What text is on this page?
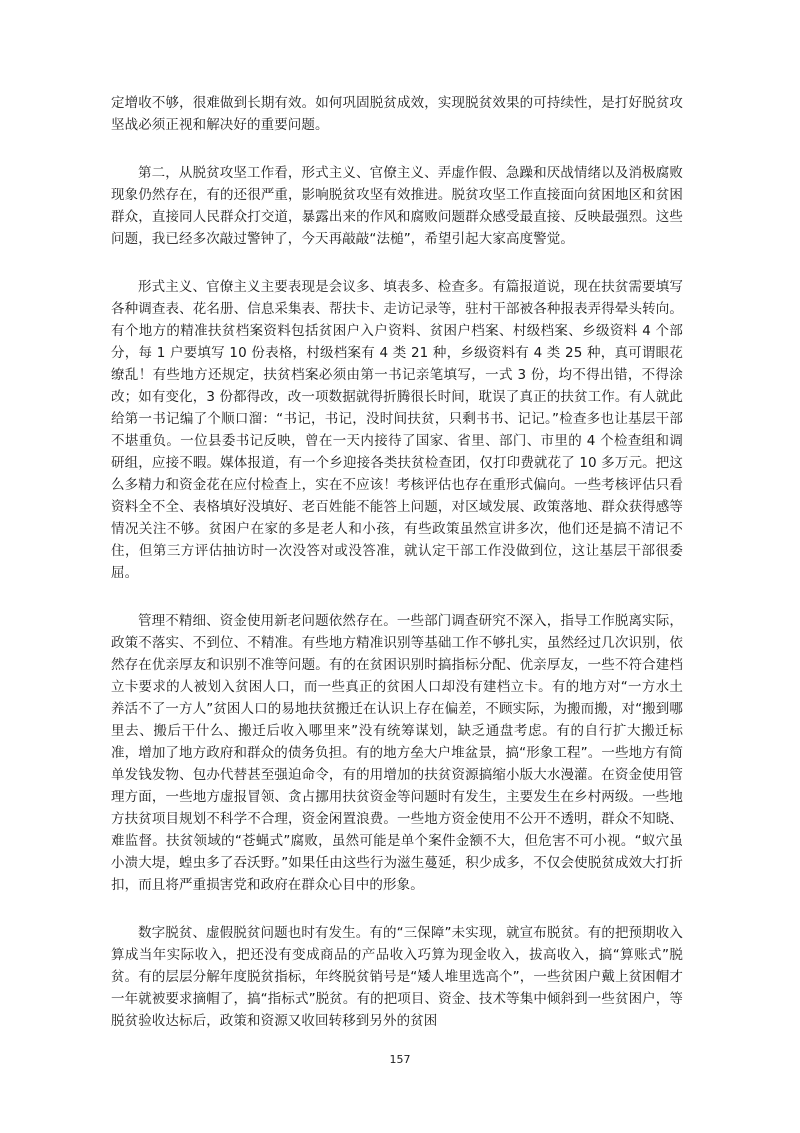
定增收不够，很难做到长期有效。如何巩固脱贫成效，实现脱贫效果的可持续性，是打好脱贫攻坚战必须正视和解决好的重要问题。

第二，从脱贫攻坚工作看，形式主义、官僚主义、弄虚作假、急躁和厌战情绪以及消极腐败现象仍然存在，有的还很严重，影响脱贫攻坚有效推进。脱贫攻坚工作直接面向贫困地区和贫困群众，直接同人民群众打交道，暴露出来的作风和腐败问题群众感受最直接、反映最强烈。这些问题，我已经多次敲过警钟了，今天再敲敲“法槌”，希望引起大家高度警觉。

形式主义、官僚主义主要表现是会议多、填表多、检查多。有篇报道说，现在扶贫需要填写各种调查表、花名册、信息采集表、帮扶卡、走访记录等，驻村干部被各种报表弄得晕头转向。有个地方的精准扶贫档案资料包括贫困户入户资料、贫困户档案、村级档案、乡级资料 4 个部分，每 1 户要填写 10 份表格，村级档案有 4 类 21 种，乡级资料有 4 类 25 种，真可谓眼花缭乱！有些地方还规定，扶贫档案必须由第一书记亲笔填写，一式 3 份，均不得出错，不得涂改；如有变化，3 份都得改，改一项数据就得折腾很长时间，耽误了真正的扶贫工作。有人就此给第一书记编了个顺口溜：“书记，书记，没时间扶贫，只剩书书、记记。”检查多也让基层干部不堪重负。一位县委书记反映，曾在一天内接待了国家、省里、部门、市里的 4 个检查组和调研组，应接不暇。媒体报道，有一个乡迎接各类扶贫检查团，仅打印费就花了 10 多万元。把这么多精力和资金花在应付检查上，实在不应该！考核评估也存在重形式偏向。一些考核评估只看资料全不全、表格填好没填好、老百姓能不能答上问题，对区域发展、政策落地、群众获得感等情况关注不够。贫困户在家的多是老人和小孩，有些政策虽然宣讲多次，他们还是搞不清记不住，但第三方评估抽访时一次没答对或没答准，就认定干部工作没做到位，这让基层干部很委屈。

管理不精细、资金使用新老问题依然存在。一些部门调查研究不深入，指导工作脱离实际，政策不落实、不到位、不精准。有些地方精准识别等基础工作不够扎实，虽然经过几次识别，依然存在优亲厚友和识别不准等问题。有的在贫困识别时搞指标分配、优亲厚友，一些不符合建档立卡要求的人被划入贫困人口，而一些真正的贫困人口却没有建档立卡。有的地方对“一方水土养活不了一方人”贫困人口的易地扶贫搬迁在认识上存在偏差，不顾实际，为搬而搬，对“搬到哪里去、搬后干什么、搬迁后收入哪里来”没有统筹谋划，缺乏通盘考虑。有的自行扩大搬迁标准，增加了地方政府和群众的债务负担。有的地方垒大户堆盆景，搞“形象工程”。一些地方有简单发钱发物、包办代替甚至强迫命令，有的用增加的扶贫资源搞缩小版大水漫灌。在资金使用管理方面，一些地方虚报冒领、贪占挪用扶贫资金等问题时有发生，主要发生在乡村两级。一些地方扶贫项目规划不科学不合理，资金闲置浪费。一些地方资金使用不公开不透明，群众不知晓、难监督。扶贫领域的“苍蝇式”腐败，虽然可能是单个案件金额不大，但危害不可小视。“蚁穴虽小溃大堤，蝗虫多了吞沃野。”如果任由这些行为滋生蔓延，积少成多，不仅会使脱贫成效大打折扣，而且将严重损害党和政府在群众心目中的形象。

数字脱贫、虚假脱贫问题也时有发生。有的“三保障”未实现，就宣布脱贫。有的把预期收入算成当年实际收入，把还没有变成商品的产品收入巧算为现金收入，拔高收入，搞“算账式”脱贫。有的层层分解年度脱贫指标，年终脱贫销号是“矮人堆里选高个”，一些贫困户戴上贫困帽才一年就被要求摘帽了，搞“指标式”脱贫。有的把项目、资金、技术等集中倾斜到一些贫困户，等脱贫验收达标后，政策和资源又收回转移到另外的贫困

157
